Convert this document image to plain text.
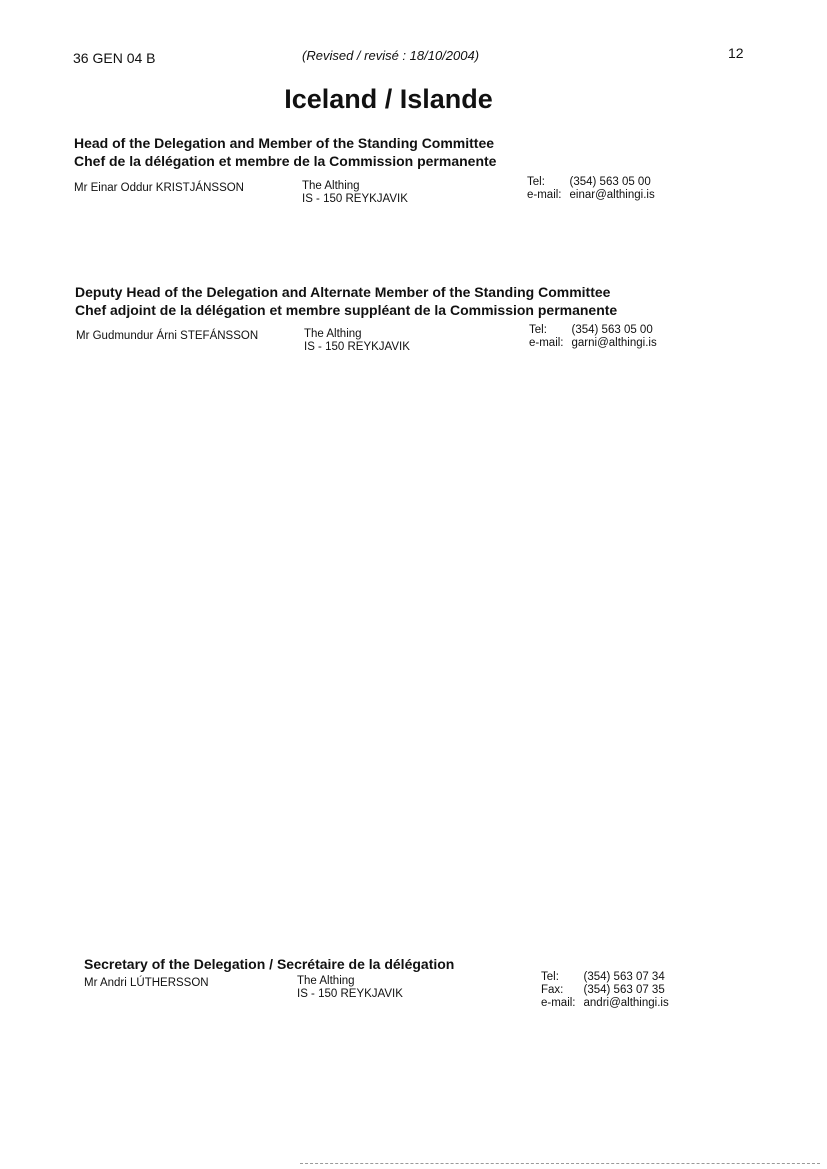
36 GEN 04 B	(Revised / revisé : 18/10/2004)	12
Iceland / Islande
Head of the Delegation and Member of the Standing Committee
Chef de la délégation et membre de la Commission permanente
Mr Einar Oddur KRISTJÁNSSON	The Althing
IS - 150 REYKJAVIK
Tel:	(354) 563 05 00
e-mail: einar@althingi.is
Deputy Head of the Delegation and Alternate Member of the Standing Committee
Chef adjoint de la délégation et membre suppléant de la Commission permanente
Mr Gudmundur Árni STEFÁNSSON	The Althing
IS - 150 REYKJAVIK
Tel:	(354) 563 05 00
e-mail: garni@althingi.is
Secretary of the Delegation / Secrétaire de la délégation
Mr Andri LÚTHERSSON	The Althing
IS - 150 REYKJAVIK
Tel:	(354) 563 07 34
Fax:	(354) 563 07 35
e-mail: andri@althingi.is
